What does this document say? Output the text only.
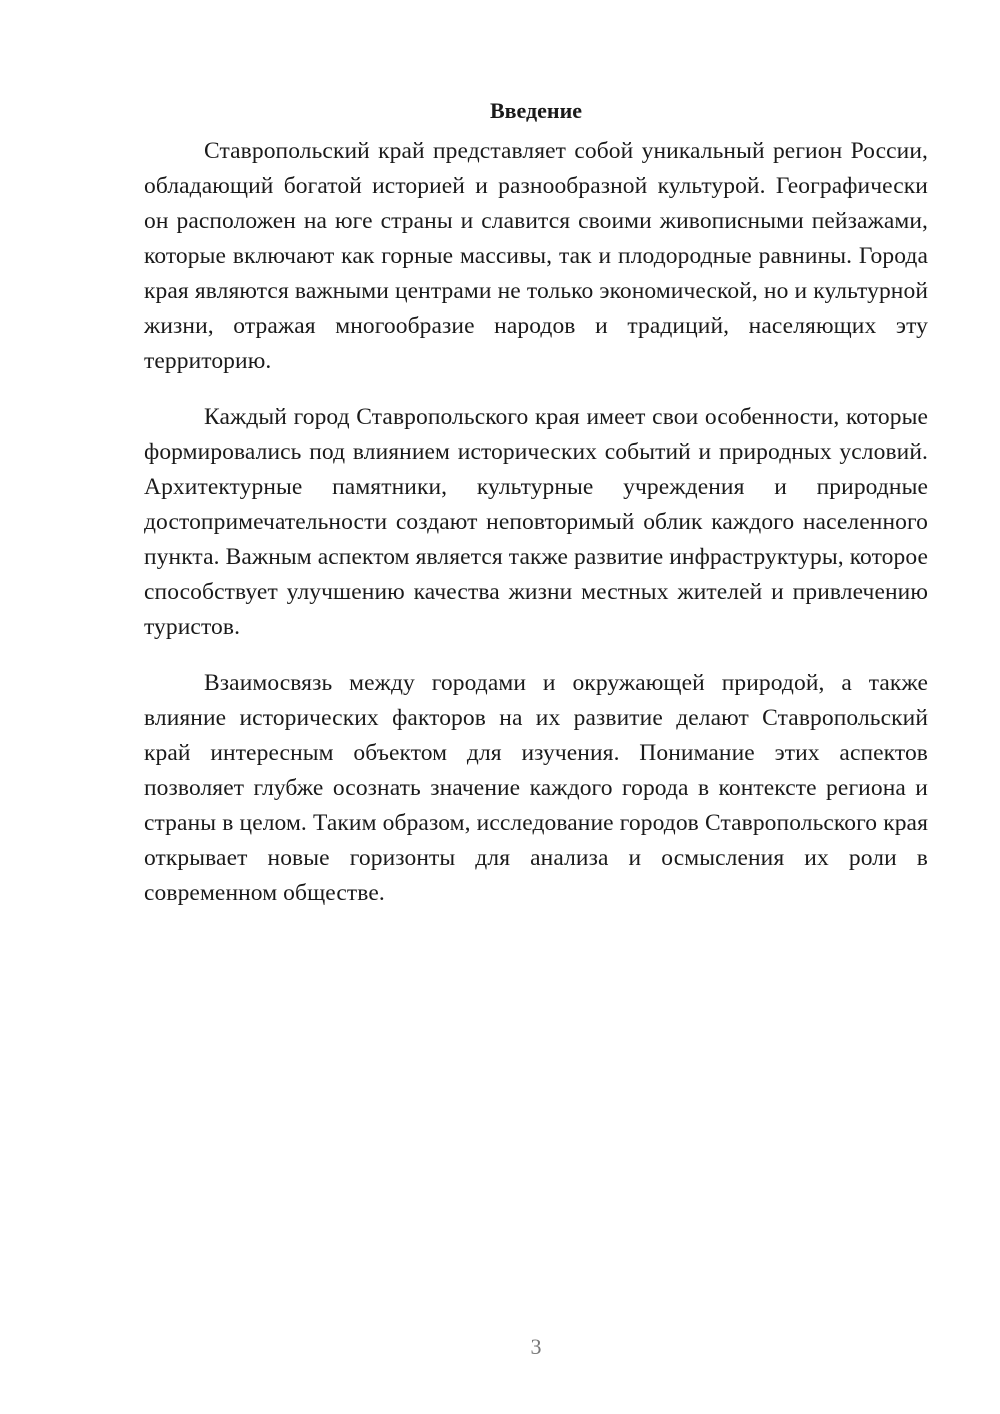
Введение

Ставропольский край представляет собой уникальный регион России, обладающий богатой историей и разнообразной культурой. Географически он расположен на юге страны и славится своими живописными пейзажами, которые включают как горные массивы, так и плодородные равнины. Города края являются важными центрами не только экономической, но и культурной жизни, отражая многообразие народов и традиций, населяющих эту территорию.

Каждый город Ставропольского края имеет свои особенности, которые формировались под влиянием исторических событий и природных условий. Архитектурные памятники, культурные учреждения и природные достопримечательности создают неповторимый облик каждого населенного пункта. Важным аспектом является также развитие инфраструктуры, которое способствует улучшению качества жизни местных жителей и привлечению туристов.

Взаимосвязь между городами и окружающей природой, а также влияние исторических факторов на их развитие делают Ставропольский край интересным объектом для изучения. Понимание этих аспектов позволяет глубже осознать значение каждого города в контексте региона и страны в целом. Таким образом, исследование городов Ставропольского края открывает новые горизонты для анализа и осмысления их роли в современном обществе.

3
